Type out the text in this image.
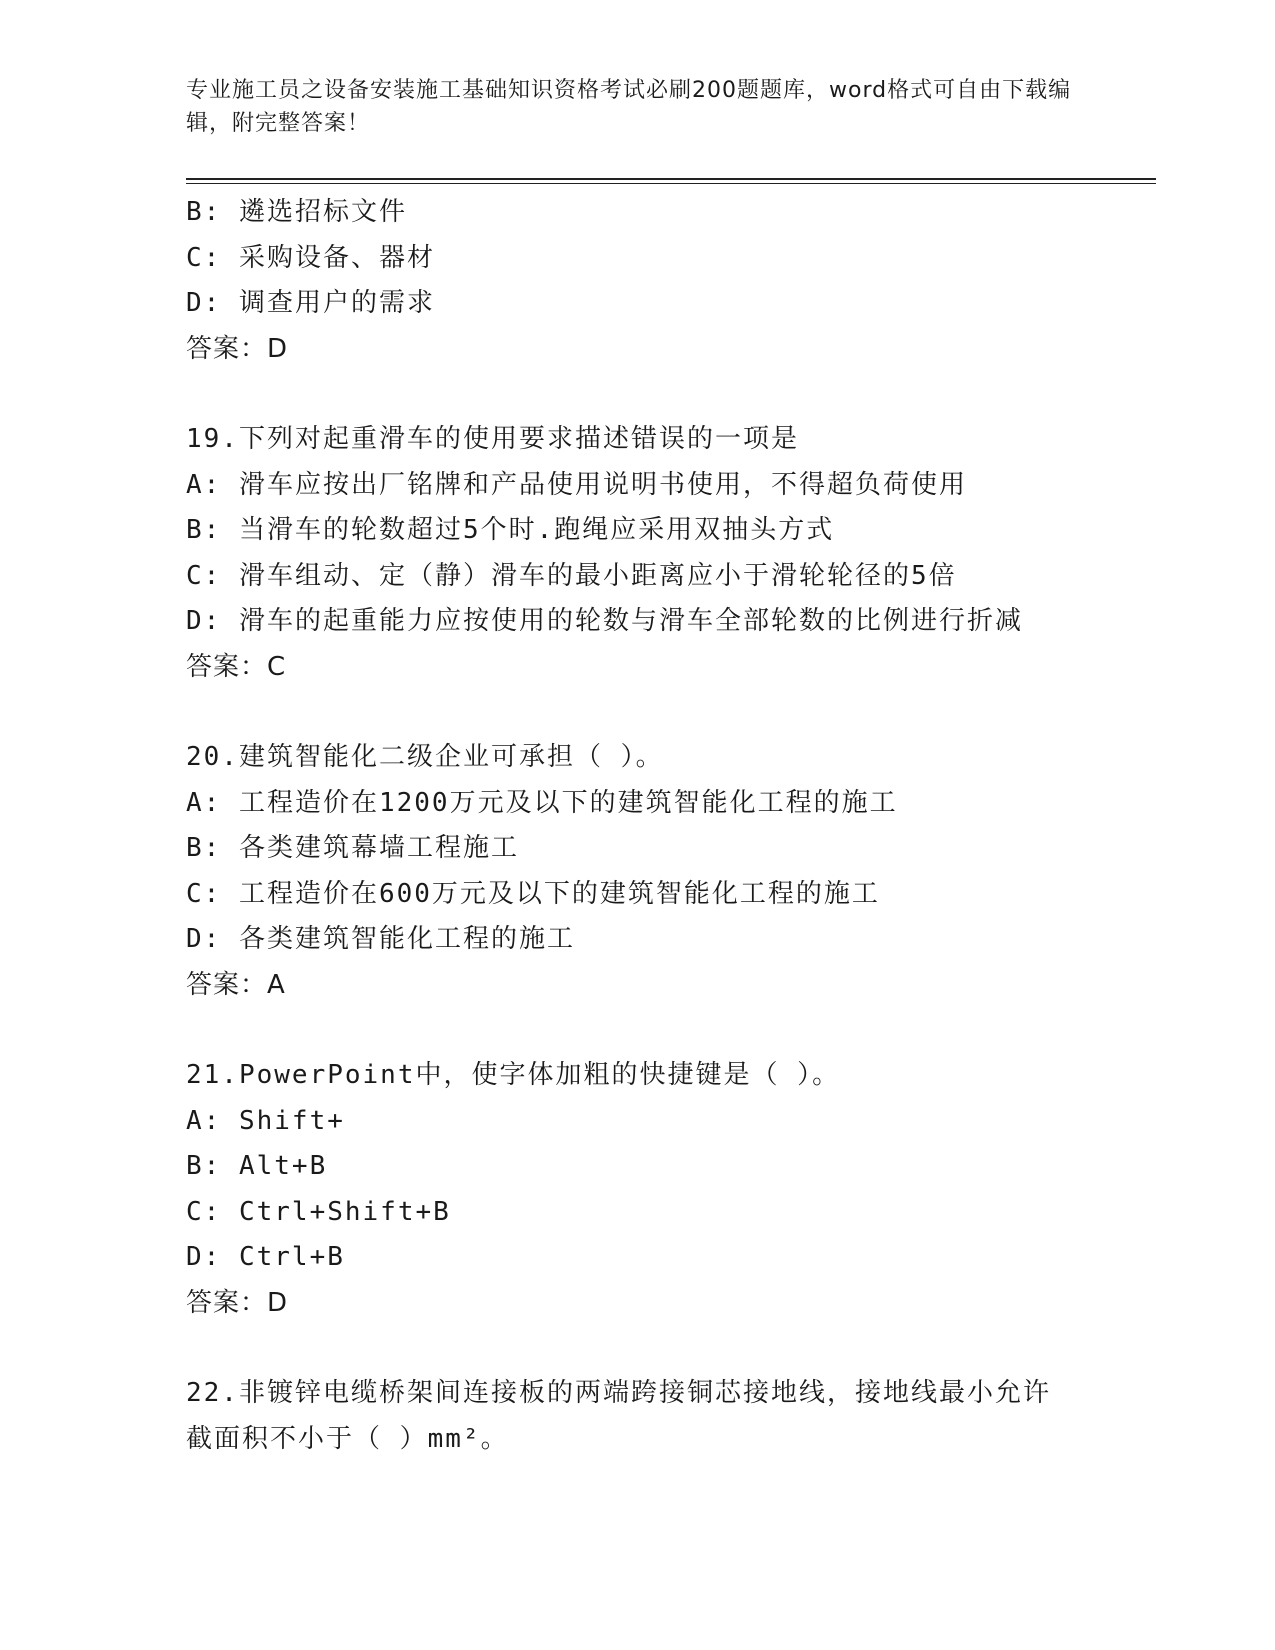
专业施工员之设备安装施工基础知识资格考试必刷200题题库，word格式可自由下载编辑，附完整答案！
B: 遴选招标文件
C: 采购设备、器材
D: 调查用户的需求
答案：D
19.下列对起重滑车的使用要求描述错误的一项是
A: 滑车应按出厂铭牌和产品使用说明书使用，不得超负荷使用
B: 当滑车的轮数超过5个时.跑绳应采用双抽头方式
C: 滑车组动、定（静）滑车的最小距离应小于滑轮轮径的5倍
D: 滑车的起重能力应按使用的轮数与滑车全部轮数的比例进行折减
答案：C
20.建筑智能化二级企业可承担（ ）。
A: 工程造价在1200万元及以下的建筑智能化工程的施工
B: 各类建筑幕墙工程施工
C: 工程造价在600万元及以下的建筑智能化工程的施工
D: 各类建筑智能化工程的施工
答案：A
21.PowerPoint中，使字体加粗的快捷键是（ ）。
A: Shift+
B: Alt+B
C: Ctrl+Shift+B
D: Ctrl+B
答案：D
22.非镀锌电缆桥架间连接板的两端跨接铜芯接地线，接地线最小允许
截面积不小于（ ）mm²。
